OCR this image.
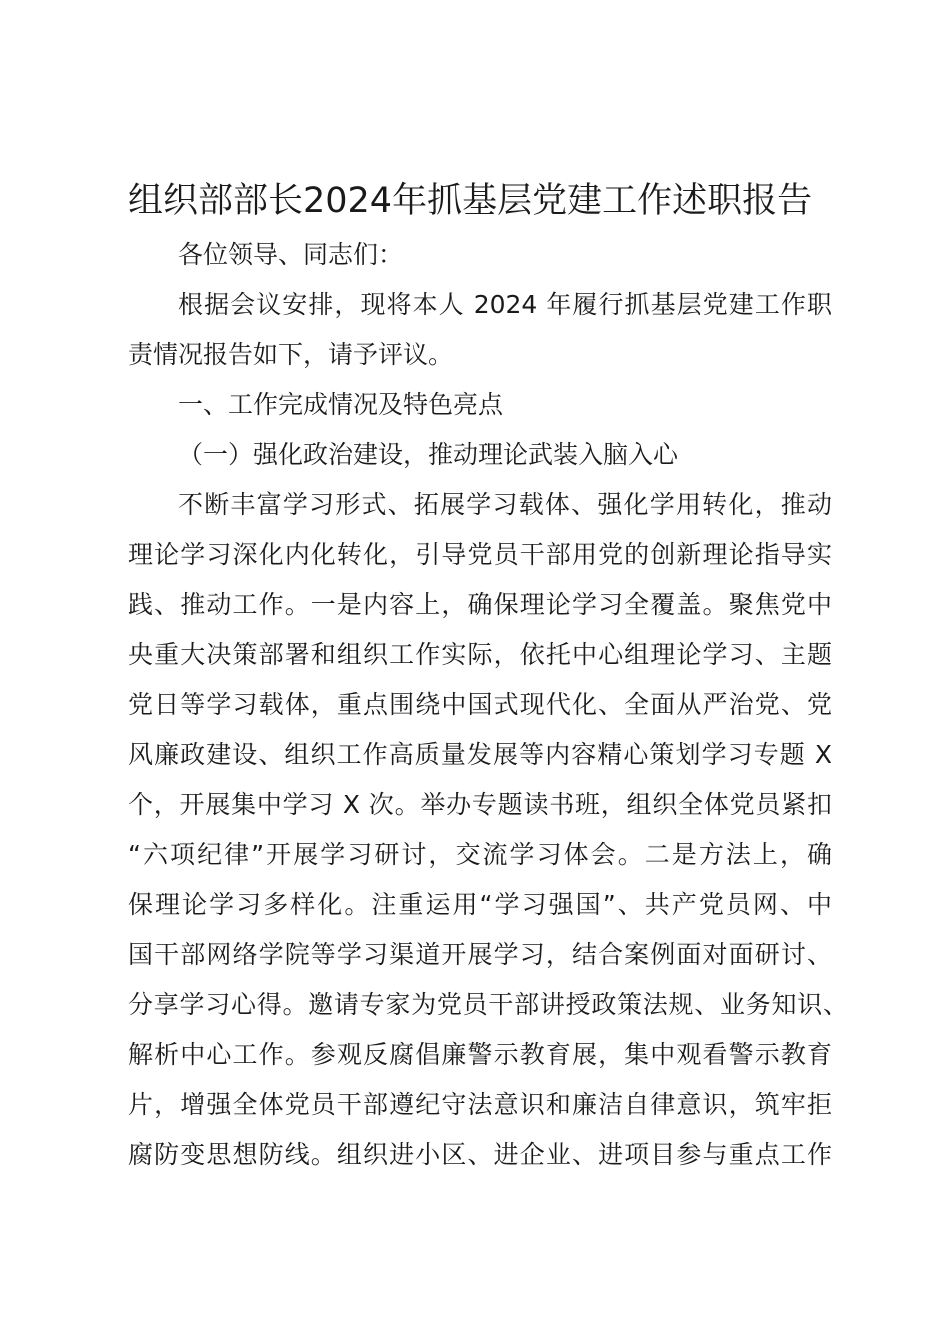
组织部部长2024年抓基层党建工作述职报告
各位领导、同志们：
根据会议安排，现将本人 2024 年履行抓基层党建工作职
责情况报告如下，请予评议。
一、工作完成情况及特色亮点
（一）强化政治建设，推动理论武装入脑入心
不断丰富学习形式、拓展学习载体、强化学用转化，推动
理论学习深化内化转化，引导党员干部用党的创新理论指导实
践、推动工作。一是内容上，确保理论学习全覆盖。聚焦党中
央重大决策部署和组织工作实际，依托中心组理论学习、主题
党日等学习载体，重点围绕中国式现代化、全面从严治党、党
风廉政建设、组织工作高质量发展等内容精心策划学习专题 X
个，开展集中学习 X 次。举办专题读书班，组织全体党员紧扣
“六项纪律”开展学习研讨，交流学习体会。二是方法上，确
保理论学习多样化。注重运用“学习强国”、共产党员网、中
国干部网络学院等学习渠道开展学习，结合案例面对面研讨、
分享学习心得。邀请专家为党员干部讲授政策法规、业务知识、
解析中心工作。参观反腐倡廉警示教育展，集中观看警示教育
片，增强全体党员干部遵纪守法意识和廉洁自律意识，筑牢拒
腐防变思想防线。组织进小区、进企业、进项目参与重点工作
